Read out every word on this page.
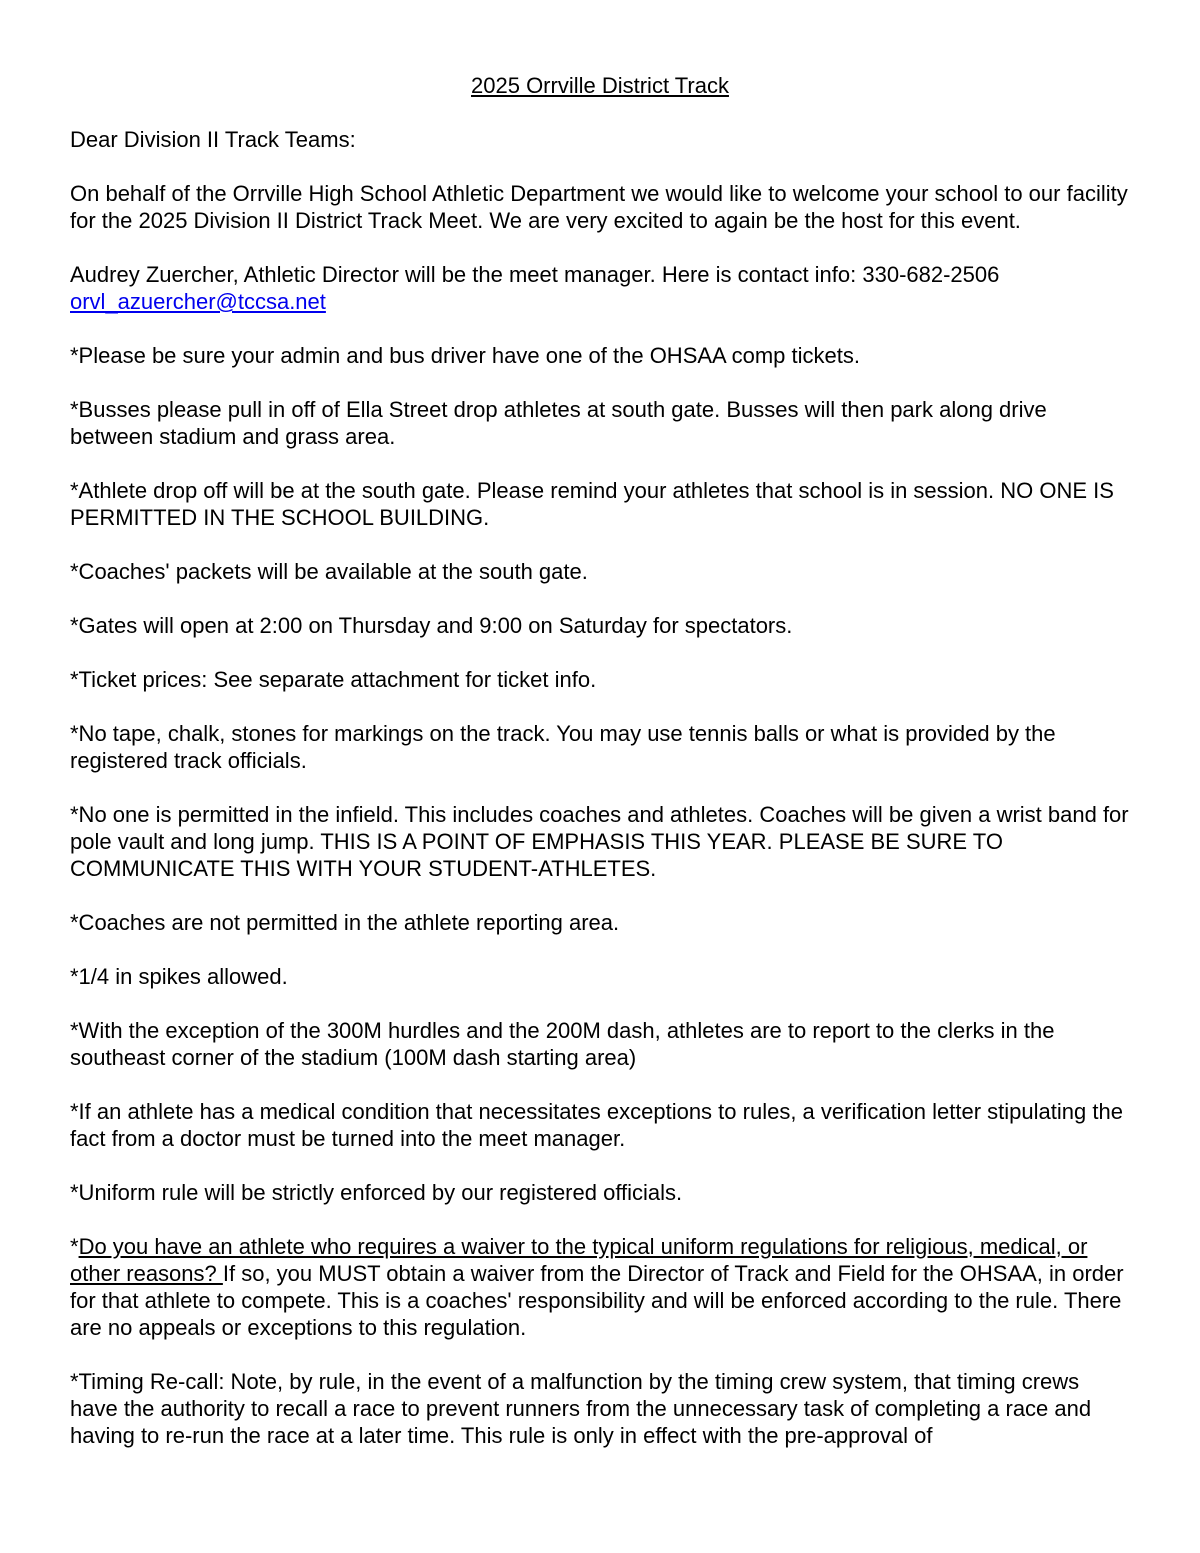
2025 Orrville District Track

Dear Division II Track Teams:

On behalf of the Orrville High School Athletic Department we would like to welcome your school to our facility for the 2025 Division II District Track Meet. We are very excited to again be the host for this event.

Audrey Zuercher, Athletic Director will be the meet manager. Here is contact info: 330-682-2506
orvl_azuercher@tccsa.net

*Please be sure your admin and bus driver have one of the OHSAA comp tickets.

*Busses please pull in off of Ella Street drop athletes at south gate. Busses will then park along drive between stadium and grass area.

*Athlete drop off will be at the south gate. Please remind your athletes that school is in session. NO ONE IS PERMITTED IN THE SCHOOL BUILDING.

*Coaches' packets will be available at the south gate.

*Gates will open at 2:00 on Thursday and 9:00 on Saturday for spectators.

*Ticket prices: See separate attachment for ticket info.

*No tape, chalk, stones for markings on the track. You may use tennis balls or what is provided by the registered track officials.

*No one is permitted in the infield. This includes coaches and athletes. Coaches will be given a wrist band for pole vault and long jump. THIS IS A POINT OF EMPHASIS THIS YEAR. PLEASE BE SURE TO COMMUNICATE THIS WITH YOUR STUDENT-ATHLETES.

*Coaches are not permitted in the athlete reporting area.

*1/4 in spikes allowed.

*With the exception of the 300M hurdles and the 200M dash, athletes are to report to the clerks in the southeast corner of the stadium (100M dash starting area)

*If an athlete has a medical condition that necessitates exceptions to rules, a verification letter stipulating the fact from a doctor must be turned into the meet manager.

*Uniform rule will be strictly enforced by our registered officials.

*Do you have an athlete who requires a waiver to the typical uniform regulations for religious, medical, or other reasons? If so, you MUST obtain a waiver from the Director of Track and Field for the OHSAA, in order for that athlete to compete. This is a coaches' responsibility and will be enforced according to the rule. There are no appeals or exceptions to this regulation.

*Timing Re-call: Note, by rule, in the event of a malfunction by the timing crew system, that timing crews have the authority to recall a race to prevent runners from the unnecessary task of completing a race and having to re-run the race at a later time. This rule is only in effect with the pre-approval of
